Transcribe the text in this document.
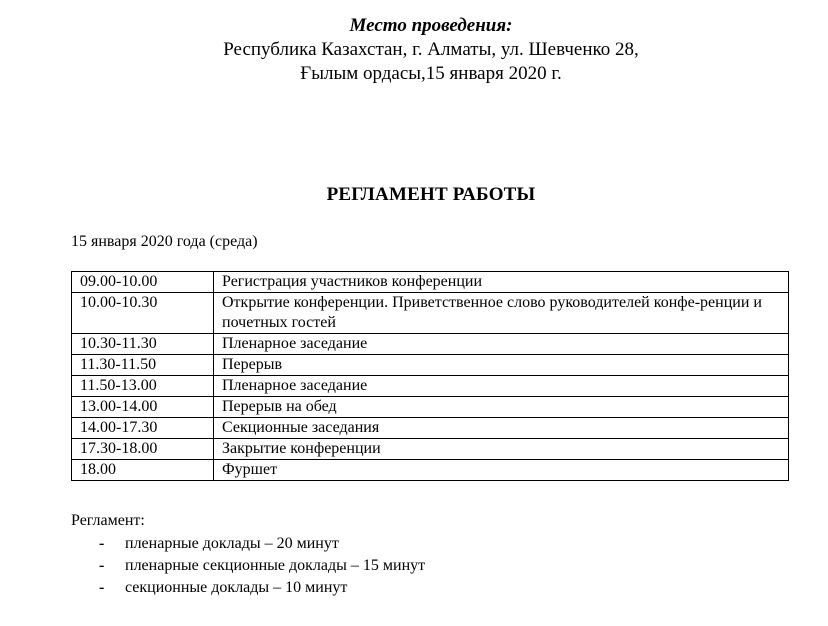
Место проведения:
Республика Казахстан, г. Алматы, ул. Шевченко 28,
Ғылым ордасы,15 января 2020 г.
РЕГЛАМЕНТ РАБОТЫ
15 января 2020 года (среда)
09.00-10.00	Регистрация участников конференции
10.00-10.30	Открытие конференции. Приветственное слово руководителей конфе-ренции и почетных гостей
10.30-11.30	Пленарное заседание
11.30-11.50	Перерыв
11.50-13.00	Пленарное заседание
13.00-14.00	Перерыв на обед
14.00-17.30	Секционные заседания
17.30-18.00	Закрытие конференции
18.00	Фуршет
Регламент:
- пленарные доклады – 20 минут
- пленарные секционные доклады – 15 минут
- секционные доклады – 10 минут
